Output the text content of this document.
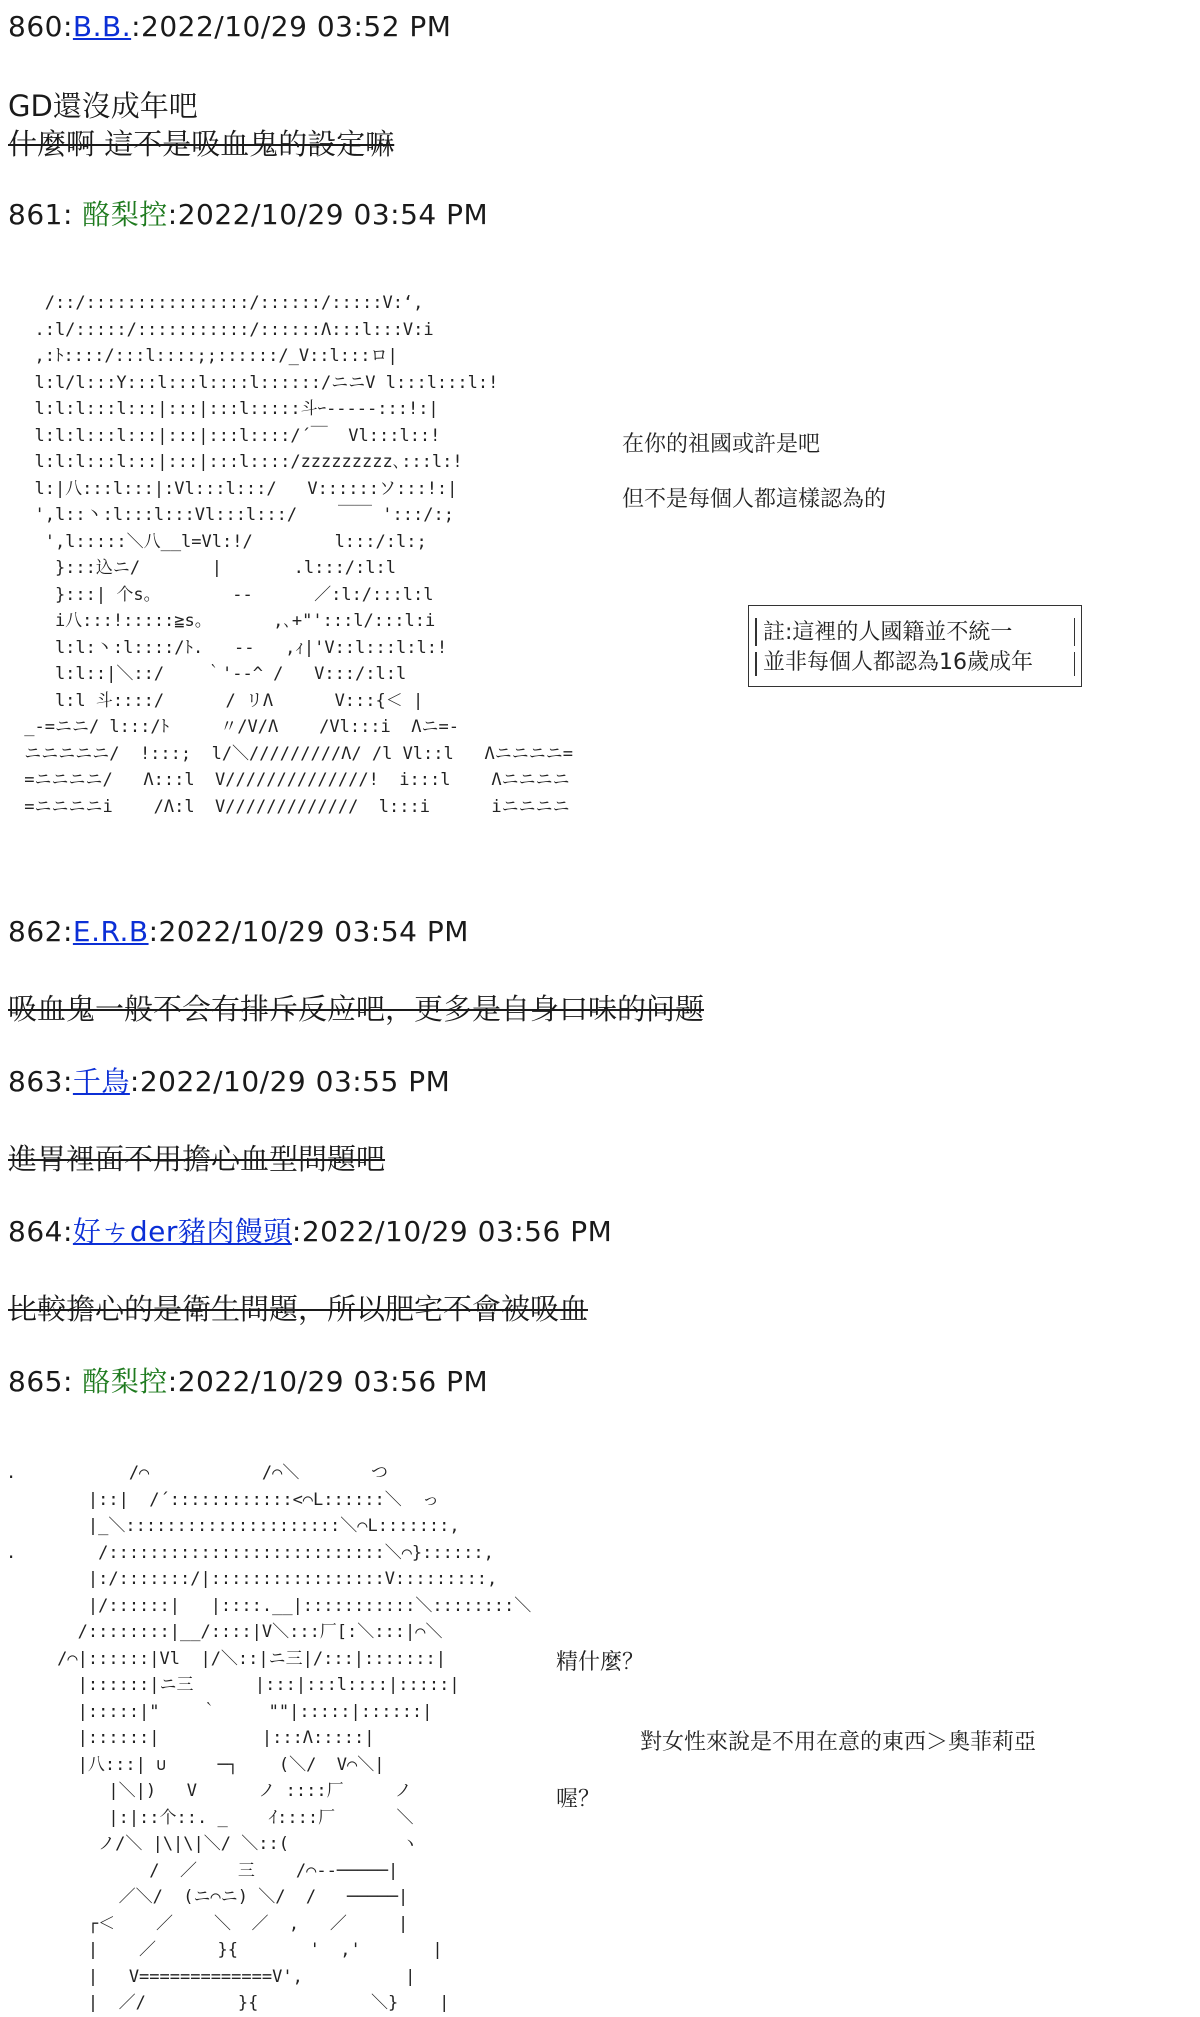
860:B.B.:2022/10/29 03:52 PM
GD還沒成年吧
什麼啊 這不是吸血鬼的設定嘛
861: 酪梨控:2022/10/29 03:54 PM
/::/::::::::::::::::/::::::/:::::V:‘,
.:l/:::::/:::::::::::/::::::Λ:::l:::V:i
,:ﾄ::::/:::l::::;;::::::/_V::l:::ロ|
l:l/l:::Y:::l:::l::::l::::::/ニニV l:::l:::l:!
l:l:l:::l:::|:::|:::l:::::斗ｰ‐‐‐‐‐:::!:|
l:l:l:::l:::|:::|:::l::::/´￣  Vl:::l::!
l:l:l:::l:::|:::|:::l::::/zzzzzzzzz､:::l:!
l:|八:::l:::|:Vl:::l:::/   V::::::ソ:::!:|
',l::丶:l:::l:::Vl:::l:::/    ￣￣ ':::/:;
',l:::::＼八__l=Vl:!/        l:::/:l:;
}:::込ニ/       |       .l:::/:l:l
}:::| 个s。       ‐‐      ／:l:/:::l:l
i八:::!:::::≧s。      ,､+"':::l/:::l:i
l:l:丶:l::::/ﾄ.   ‐‐   ,ｨ|'V::l:::l:l:!
l:l::|＼::/    ｀'‐‐^ /   V:::/:l:l
l:l 斗::::/      / リΛ      V:::{＜ |
_-=ニニ/ l:::/ﾄ     〃/V/Λ    /Vl:::i  Λニ=-
ニニニニニ/  !:::;  l/＼/////////Λ/ /l Vl::l   Λニニニニ=
=ニニニニ/   Λ:::l  V//////////////!  i:::l    Λニニニニ
=ニニニニi    /Λ:l  V/////////////  l:::i      iニニニニ
在你的祖國或許是吧
但不是每個人都這樣認為的
註:這裡的人國籍並不統一
並非每個人都認為16歲成年
862:E.R.B:2022/10/29 03:54 PM
吸血鬼一般不会有排斥反应吧，更多是自身口味的问题
863:千鳥:2022/10/29 03:55 PM
進胃裡面不用擔心血型問題吧
864:好ㄘder豬肉饅頭:2022/10/29 03:56 PM
比較擔心的是衛生問題，所以肥宅不會被吸血
865: 酪梨控:2022/10/29 03:56 PM
.           /⌒           /⌒＼       つ
|::|  /´::::::::::::<⌒L::::::＼  っ
|_＼:::::::::::::::::::::＼⌒L:::::::,
.        /:::::::::::::::::::::::::::＼⌒}::::::,
|:/:::::::/|:::::::::::::::::V:::::::::,
|/::::::|   |::::.__|:::::::::::＼::::::::＼
/::::::::|__/::::|V＼:::厂[:＼:::|⌒＼
/⌒|::::::|Vl  |/＼::|ニ三|/:::|:::::::|
|::::::|ニ三      |:::|:::l::::|:::::|
|:::::|"    ｀     ""|:::::|::::::|
|::::::|          |:::Λ:::::|
|八:::| ∪     ─┐    (＼/  V⌒＼|
|＼|)   V      ノ ::::厂     ノ
|:|::个::. _    ｲ::::厂      ＼
ノ/＼ |\|\|＼/ ＼::(           ヽ
/  ／    三    /⌒‐‐─────|
／＼/  (ニ⌒ニ) ＼/  /   ─────|
┌＜    ／    ＼  ／  ,   ／     |
|    ／      }{       '  ,'       |
|   V=============V',          |
|  ／/         }{           ＼}    |
精什麼？
對女性來說是不用在意的東西＞奧菲莉亞
喔？
